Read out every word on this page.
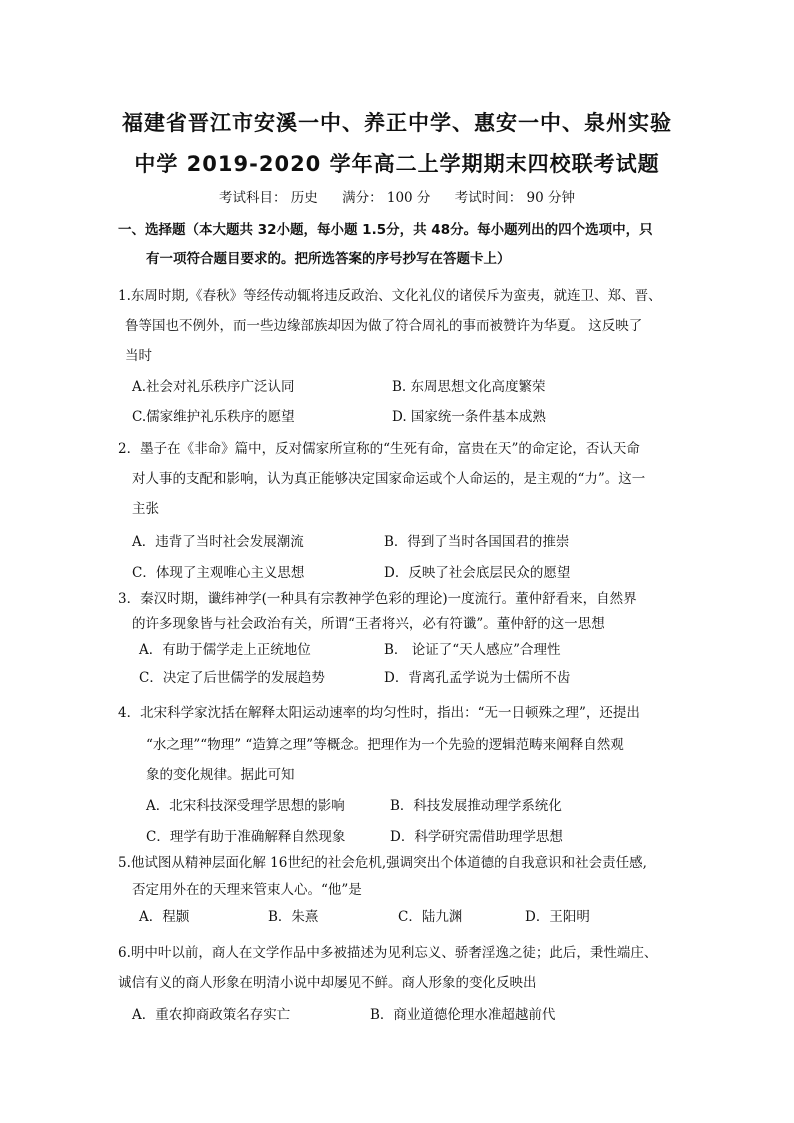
福建省晋江市安溪一中、养正中学、惠安一中、泉州实验
中学 2019-2020 学年高二上学期期末四校联考试题
考试科目： 历史 满分： 100 分 考试时间： 90 分钟
一、选择题（本大题共 32小题，每小题 1.5分，共 48分。每小题列出的四个选项中，只
有一项符合题目要求的。把所选答案的序号抄写在答题卡上）
1.东周时期,《春秋》等经传动辄将违反政治、文化礼仪的诸侯斥为蛮夷，就连卫、郑、晋、
鲁等国也不例外，而一些边缘部族却因为做了符合周礼的事而被赞许为华夏。 这反映了
当时
A.社会对礼乐秩序广泛认同	B. 东周思想文化高度繁荣
C.儒家维护礼乐秩序的愿望	D. 国家统一条件基本成熟
2．墨子在《非命》篇中，反对儒家所宣称的“生死有命，富贵在天”的命定论，否认天命
对人事的支配和影响，认为真正能够决定国家命运或个人命运的，是主观的“力”。这一
主张
A．违背了当时社会发展潮流	B．得到了当时各国国君的推崇
C．体现了主观唯心主义思想	D．反映了社会底层民众的愿望
3．秦汉时期，谶纬神学(一种具有宗教神学色彩的理论)一度流行。董仲舒看来，自然界
的许多现象皆与社会政治有关，所谓“王者将兴，必有符谶”。董仲舒的这一思想
A．有助于儒学走上正统地位	B． 论证了“天人感应”合理性
C．决定了后世儒学的发展趋势	D．背离孔孟学说为士儒所不齿
4．北宋科学家沈括在解释太阳运动速率的均匀性时，指出：“无一日顿殊之理”，还提出
“水之理”“物理” “造算之理”等概念。把理作为一个先验的逻辑范畴来阐释自然观
象的变化规律。据此可知
A．北宋科技深受理学思想的影响	B．科技发展推动理学系统化
C．理学有助于准确解释自然现象	D．科学研究需借助理学思想
5.他试图从精神层面化解 16世纪的社会危机,强调突出个体道德的自我意识和社会责任感,
否定用外在的天理来管束人心。“他”是
A．程颢	B．朱熹	C．陆九渊	D．王阳明
6.明中叶以前，商人在文学作品中多被描述为见利忘义、骄奢淫逸之徒；此后，秉性端庄、
诚信有义的商人形象在明清小说中却屡见不鲜。商人形象的变化反映出
A．重农抑商政策名存实亡	B．商业道德伦理水准超越前代
